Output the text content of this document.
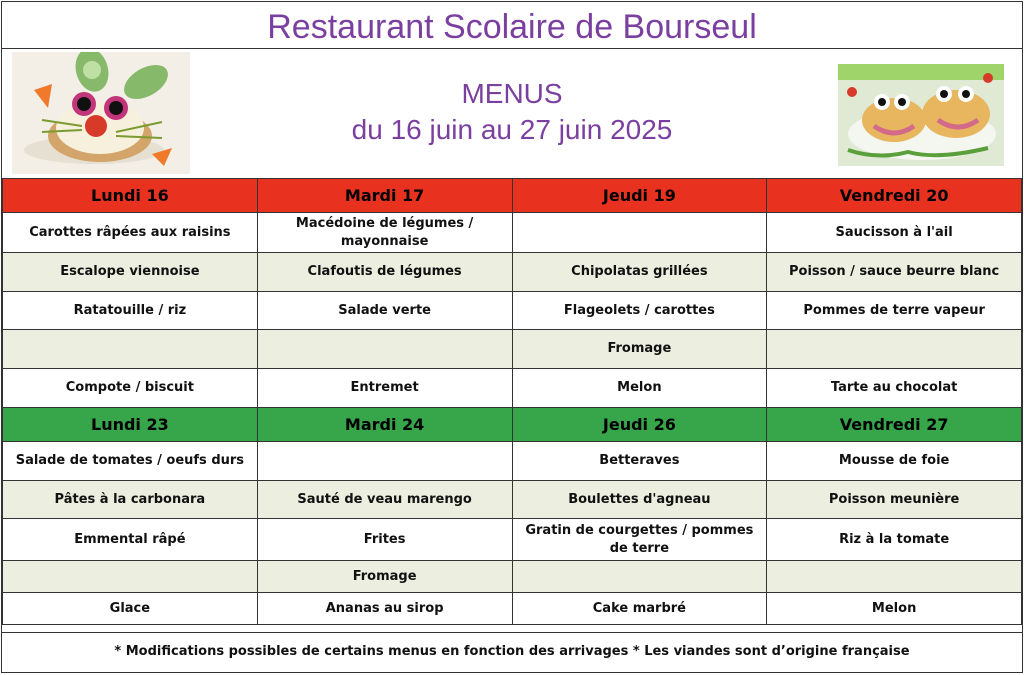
Restaurant Scolaire de Bourseul
MENUS
du 16 juin au 27 juin 2025
Lundi 16	Mardi 17	Jeudi 19	Vendredi 20
Carottes râpées aux raisins	Macédoine de légumes / mayonnaise		Saucisson à l'ail
Escalope viennoise	Clafoutis de légumes	Chipolatas grillées	Poisson / sauce beurre blanc
Ratatouille / riz	Salade verte	Flageolets / carottes	Pommes de terre vapeur
		Fromage	
Compote / biscuit	Entremet	Melon	Tarte au chocolat
Lundi 23	Mardi 24	Jeudi 26	Vendredi 27
Salade de tomates / oeufs durs		Betteraves	Mousse de foie
Pâtes à la carbonara	Sauté de veau marengo	Boulettes d'agneau	Poisson meunière
Emmental râpé	Frites	Gratin de courgettes / pommes de terre	Riz à la tomate
	Fromage		
Glace	Ananas au sirop	Cake marbré	Melon
* Modifications possibles de certains menus en fonction des arrivages * Les viandes sont d’origine française
